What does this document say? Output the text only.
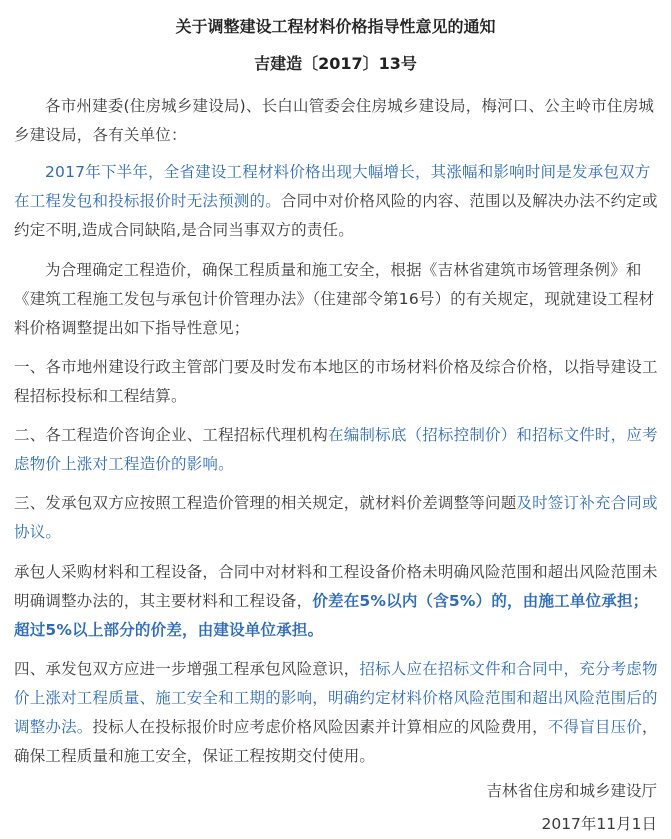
关于调整建设工程材料价格指导性意见的通知
吉建造〔2017〕13号

各市州建委(住房城乡建设局)、长白山管委会住房城乡建设局，梅河口、公主岭市住房城乡建设局，各有关单位：

2017年下半年，全省建设工程材料价格出现大幅增长，其涨幅和影响时间是发承包双方在工程发包和投标报价时无法预测的。合同中对价格风险的内容、范围以及解决办法不约定或约定不明,造成合同缺陷,是合同当事双方的责任。

为合理确定工程造价，确保工程质量和施工安全，根据《吉林省建筑市场管理条例》和《建筑工程施工发包与承包计价管理办法》（住建部令第16号）的有关规定，现就建设工程材料价格调整提出如下指导性意见；

一、各市地州建设行政主管部门要及时发布本地区的市场材料价格及综合价格，以指导建设工程招标投标和工程结算。

二、各工程造价咨询企业、工程招标代理机构在编制标底（招标控制价）和招标文件时，应考虑物价上涨对工程造价的影响。

三、发承包双方应按照工程造价管理的相关规定，就材料价差调整等问题及时签订补充合同或协议。

承包人采购材料和工程设备，合同中对材料和工程设备价格未明确风险范围和超出风险范围未明确调整办法的，其主要材料和工程设备，价差在5%以内（含5%）的，由施工单位承担；超过5%以上部分的价差，由建设单位承担。

四、承发包双方应进一步增强工程承包风险意识，招标人应在招标文件和合同中，充分考虑物价上涨对工程质量、施工安全和工期的影响，明确约定材料价格风险范围和超出风险范围后的调整办法。投标人在投标报价时应考虑价格风险因素并计算相应的风险费用，不得盲目压价，确保工程质量和施工安全，保证工程按期交付使用。

吉林省住房和城乡建设厅

2017年11月1日
